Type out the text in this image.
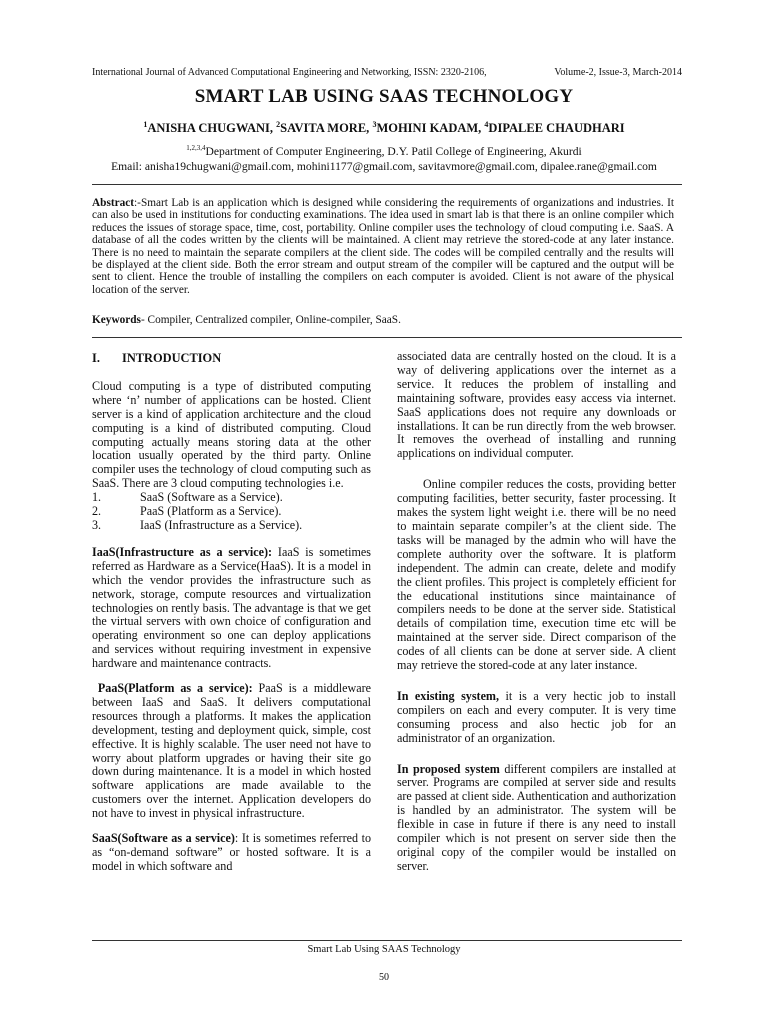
International Journal of Advanced Computational Engineering and Networking, ISSN: 2320-2106,	Volume-2, Issue-3, March-2014
SMART LAB USING SAAS TECHNOLOGY
$^1$ANISHA CHUGWANI, $^2$SAVITA MORE, $^3$MOHINI KADAM, $^4$DIPALEE CHAUDHARI
$^{1,2,3,4}$Department of Computer Engineering, D.Y. Patil College of Engineering, Akurdi
Email: anisha19chugwani@gmail.com, mohini1177@gmail.com, savitavmore@gmail.com, dipalee.rane@gmail.com
Abstract:-Smart Lab is an application which is designed while considering the requirements of organizations and industries. It can also be used in institutions for conducting examinations. The idea used in smart lab is that there is an online compiler which reduces the issues of storage space, time, cost, portability. Online compiler uses the technology of cloud computing i.e. SaaS. A database of all the codes written by the clients will be maintained. A client may retrieve the stored-code at any later instance. There is no need to maintain the separate compilers at the client side. The codes will be compiled centrally and the results will be displayed at the client side. Both the error stream and output stream of the compiler will be captured and the output will be sent to client. Hence the trouble of installing the compilers on each computer is avoided. Client is not aware of the physical location of the server.
Keywords- Compiler, Centralized compiler, Online-compiler, SaaS.
I.	INTRODUCTION

Cloud computing is a type of distributed computing where ‘n’ number of applications can be hosted. Client server is a kind of application architecture and the cloud computing is a kind of distributed computing. Cloud computing actually means storing data at the other location usually operated by the third party. Online compiler uses the technology of cloud computing such as SaaS. There are 3 cloud computing technologies i.e.

1.	SaaS (Software as a Service).
2.	PaaS (Platform as a Service).
3.	IaaS (Infrastructure as a Service).

IaaS(Infrastructure as a service): IaaS is sometimes referred as Hardware as a Service(HaaS). It is a model in which the vendor provides the infrastructure such as network, storage, compute resources and virtualization technologies on rently basis. The advantage is that we get the virtual servers with own choice of configuration and operating environment so one can deploy applications and services without requiring investment in expensive hardware and maintenance contracts.

PaaS(Platform as a service): PaaS is a middleware between IaaS and SaaS. It delivers computational resources through a platforms. It makes the application development, testing and deployment quick, simple, cost effective. It is highly scalable. The user need not have to worry about platform upgrades or having their site go down during maintenance. It is a model in which hosted software applications are made available to the customers over the internet. Application developers do not have to invest in physical infrastructure.

SaaS(Software as a service): It is sometimes referred to as “on-demand software” or hosted software. It is a model in which software and

associated data are centrally hosted on the cloud. It is a way of delivering applications over the internet as a service. It reduces the problem of installing and maintaining software, provides easy access via internet. SaaS applications does not require any downloads or installations. It can be run directly from the web browser. It removes the overhead of installing and running applications on individual computer.

Online compiler reduces the costs, providing better computing facilities, better security, faster processing. It makes the system light weight i.e. there will be no need to maintain separate compiler’s at the client side. The tasks will be managed by the admin who will have the complete authority over the software. It is platform independent. The admin can create, delete and modify the client profiles. This project is completely efficient for the educational institutions since maintainance of compilers needs to be done at the server side. Statistical details of compilation time, execution time etc will be maintained at the server side. Direct comparison of the codes of all clients can be done at server side. A client may retrieve the stored-code at any later instance.

In existing system, it is a very hectic job to install compilers on each and every computer. It is very time consuming process and also hectic job for an administrator of an organization.

In proposed system different compilers are installed at server. Programs are compiled at server side and results are passed at client side. Authentication and authorization is handled by an administrator. The system will be flexible in case in future if there is any need to install compiler which is not present on server side then the original copy of the compiler would be installed on server.

Smart Lab Using SAAS Technology
50
